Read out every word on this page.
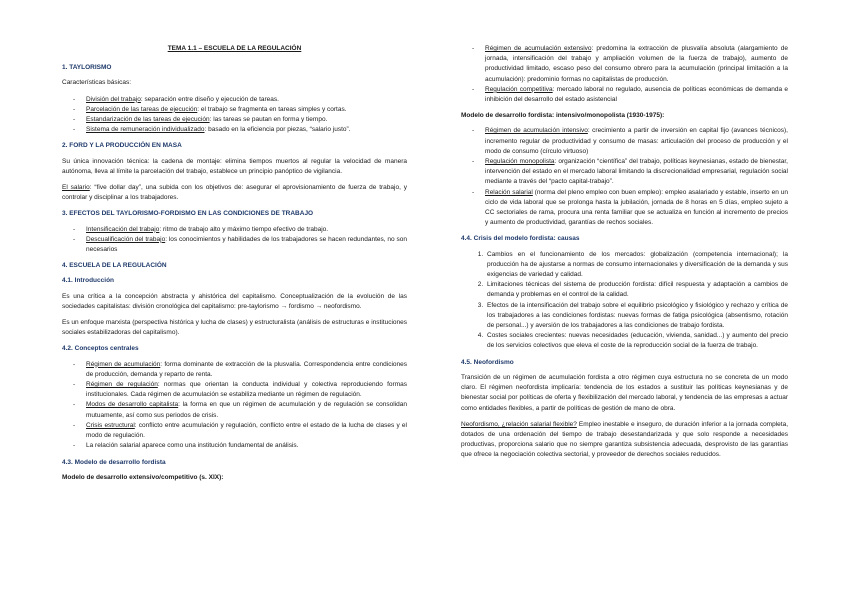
TEMA 1.1 – ESCUELA DE LA REGULACIÓN
1. TAYLORISMO

Características básicas:

- División del trabajo: separación entre diseño y ejecución de tareas.
- Parcelación de las tareas de ejecución: el trabajo se fragmenta en tareas simples y cortas.
- Estandarización de las tareas de ejecución: las tareas se pautan en forma y tiempo.
- Sistema de remuneración individualizado: basado en la eficiencia por piezas, “salario justo”.
2. FORD Y LA PRODUCCIÓN EN MASA

Su única innovación técnica: la cadena de montaje: elimina tiempos muertos al regular la velocidad de manera autónoma, lleva al límite la parcelación del trabajo, establece un principio panóptico de vigilancia.

El salario: “five dollar day”, una subida con los objetivos de: asegurar el aprovisionamiento de fuerza de trabajo, y controlar y disciplinar a los trabajadores.

3. EFECTOS DEL TAYLORISMO-FORDISMO EN LAS CONDICIONES DE TRABAJO
- Intensificación del trabajo: ritmo de trabajo alto y máximo tiempo efectivo de trabajo.
- Descualificación del trabajo: los conocimientos y habilidades de los trabajadores se hacen redundantes, no son necesarios
4. ESCUELA DE LA REGULACIÓN
4.1. Introducción

Es una crítica a la concepción abstracta y ahistórica del capitalismo. Conceptualización de la evolución de las sociedades capitalistas: división cronológica del capitalismo: pre-taylorismo → fordismo → neofordismo.

Es un enfoque marxista (perspectiva histórica y lucha de clases) y estructuralista (análisis de estructuras e instituciones sociales estabilizadoras del capitalismo).

4.2. Conceptos centrales
- Régimen de acumulación: forma dominante de extracción de la plusvalía. Correspondencia entre condiciones de producción, demanda y reparto de renta.
- Régimen de regulación: normas que orientan la conducta individual y colectiva reproduciendo formas institucionales. Cada régimen de acumulación se estabiliza mediante un régimen de regulación.
- Modos de desarrollo capitalista: la forma en que un régimen de acumulación y de regulación se consolidan mutuamente, así como sus periodos de crisis.
- Crisis estructural: conflicto entre acumulación y regulación, conflicto entre el estado de la lucha de clases y el modo de regulación.
- La relación salarial aparece como una institución fundamental de análisis.
4.3. Modelo de desarrollo fordista
Modelo de desarrollo extensivo/competitivo (s. XIX):
- Régimen de acumulación extensivo: predomina la extracción de plusvalía absoluta (alargamiento de jornada, intensificación del trabajo y ampliación volumen de la fuerza de trabajo), aumento de productividad limitado, escaso peso del consumo obrero para la acumulación (principal limitación a la acumulación): predominio formas no capitalistas de producción.
- Regulación competitiva: mercado laboral no regulado, ausencia de políticas económicas de demanda e inhibición del desarrollo del estado asistencial
Modelo de desarrollo fordista: intensivo/monopolista (1930-1975):
- Régimen de acumulación intensivo: crecimiento a partir de inversión en capital fijo (avances técnicos), incremento regular de productividad y consumo de masas: articulación del proceso de producción y el modo de consumo (círculo virtuoso)
- Regulación monopolista: organización “científica” del trabajo, políticas keynesianas, estado de bienestar, intervención del estado en el mercado laboral limitando la discrecionalidad empresarial, regulación social mediante a través del “pacto capital-trabajo”.
- Relación salarial (norma del pleno empleo con buen empleo): empleo asalariado y estable, inserto en un ciclo de vida laboral que se prolonga hasta la jubilación, jornada de 8 horas en 5 días, empleo sujeto a CC sectoriales de rama, procura una renta familiar que se actualiza en función al incremento de precios y aumento de productividad, garantías de rechos sociales.
4.4. Crisis del modelo fordista: causas
1. Cambios en el funcionamiento de los mercados: globalización (competencia internacional); la producción ha de ajustarse a normas de consumo internacionales y diversificación de la demanda y sus exigencias de variedad y calidad.
2. Limitaciones técnicas del sistema de producción fordista: difícil respuesta y adaptación a cambios de demanda y problemas en el control de la calidad.
3. Efectos de la intensificación del trabajo sobre el equilibrio psicológico y fisiológico y rechazo y crítica de los trabajadores a las condiciones fordistas: nuevas formas de fatiga psicológica (absentismo, rotación de personal...) y aversión de los trabajadores a las condiciones de trabajo fordista.
4. Costes sociales crecientes: nuevas necesidades (educación, vivienda, sanidad...) y aumento del precio de los servicios colectivos que eleva el coste de la reproducción social de la fuerza de trabajo.
4.5. Neofordismo

Transición de un régimen de acumulación fordista a otro régimen cuya estructura no se concreta de un modo claro. El régimen neofordista implicaría: tendencia de los estados a sustituir las políticas keynesianas y de bienestar social por políticas de oferta y flexibilización del mercado laboral, y tendencia de las empresas a actuar como entidades flexibles, a partir de políticas de gestión de mano de obra.

Neofordismo, ¿relación salarial flexible? Empleo inestable e inseguro, de duración inferior a la jornada completa, dotados de una ordenación del tiempo de trabajo desestandarizada y que solo responde a necesidades productivas, proporciona salario que no siempre garantiza subsistencia adecuada, desprovisto de las garantías que ofrece la negociación colectiva sectorial, y proveedor de derechos sociales reducidos.
